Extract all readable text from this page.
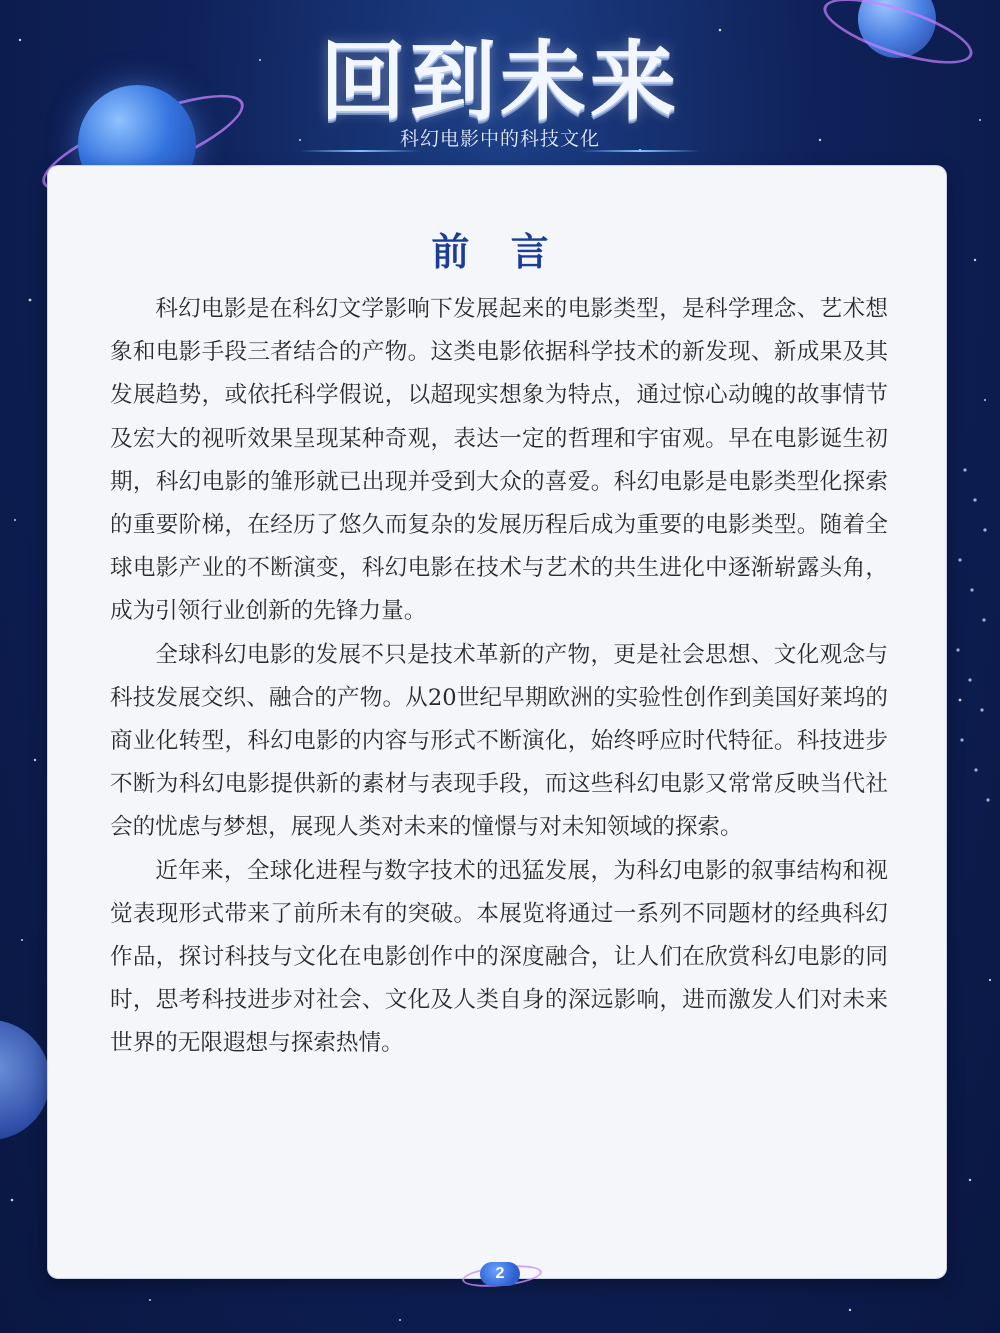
回到未来
科幻电影中的科技文化
前 言

科幻电影是在科幻文学影响下发展起来的电影类型，是科学理念、艺术想象和电影手段三者结合的产物。这类电影依据科学技术的新发现、新成果及其发展趋势，或依托科学假说，以超现实想象为特点，通过惊心动魄的故事情节及宏大的视听效果呈现某种奇观，表达一定的哲理和宇宙观。早在电影诞生初期，科幻电影的雏形就已出现并受到大众的喜爱。科幻电影是电影类型化探索的重要阶梯，在经历了悠久而复杂的发展历程后成为重要的电影类型。随着全球电影产业的不断演变，科幻电影在技术与艺术的共生进化中逐渐崭露头角，成为引领行业创新的先锋力量。

全球科幻电影的发展不只是技术革新的产物，更是社会思想、文化观念与科技发展交织、融合的产物。从20世纪早期欧洲的实验性创作到美国好莱坞的商业化转型，科幻电影的内容与形式不断演化，始终呼应时代特征。科技进步不断为科幻电影提供新的素材与表现手段，而这些科幻电影又常常反映当代社会的忧虑与梦想，展现人类对未来的憧憬与对未知领域的探索。

近年来，全球化进程与数字技术的迅猛发展，为科幻电影的叙事结构和视觉表现形式带来了前所未有的突破。本展览将通过一系列不同题材的经典科幻作品，探讨科技与文化在电影创作中的深度融合，让人们在欣赏科幻电影的同时，思考科技进步对社会、文化及人类自身的深远影响，进而激发人们对未来世界的无限遐想与探索热情。

2
